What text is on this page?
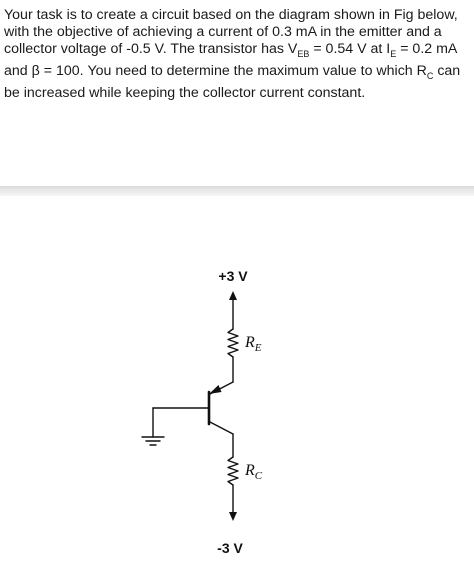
Your task is to create a circuit based on the diagram shown in Fig below,
with the objective of achieving a current of 0.3 mA in the emitter and a
collector voltage of -0.5 V. The transistor has $V_{EB} = 0.54$ V at $I_E = 0.2$ mA
and β = 100. You need to determine the maximum value to which $R_C$ can
be increased while keeping the collector current constant.
+3 V
-3 V
$R_E$
$R_C$
